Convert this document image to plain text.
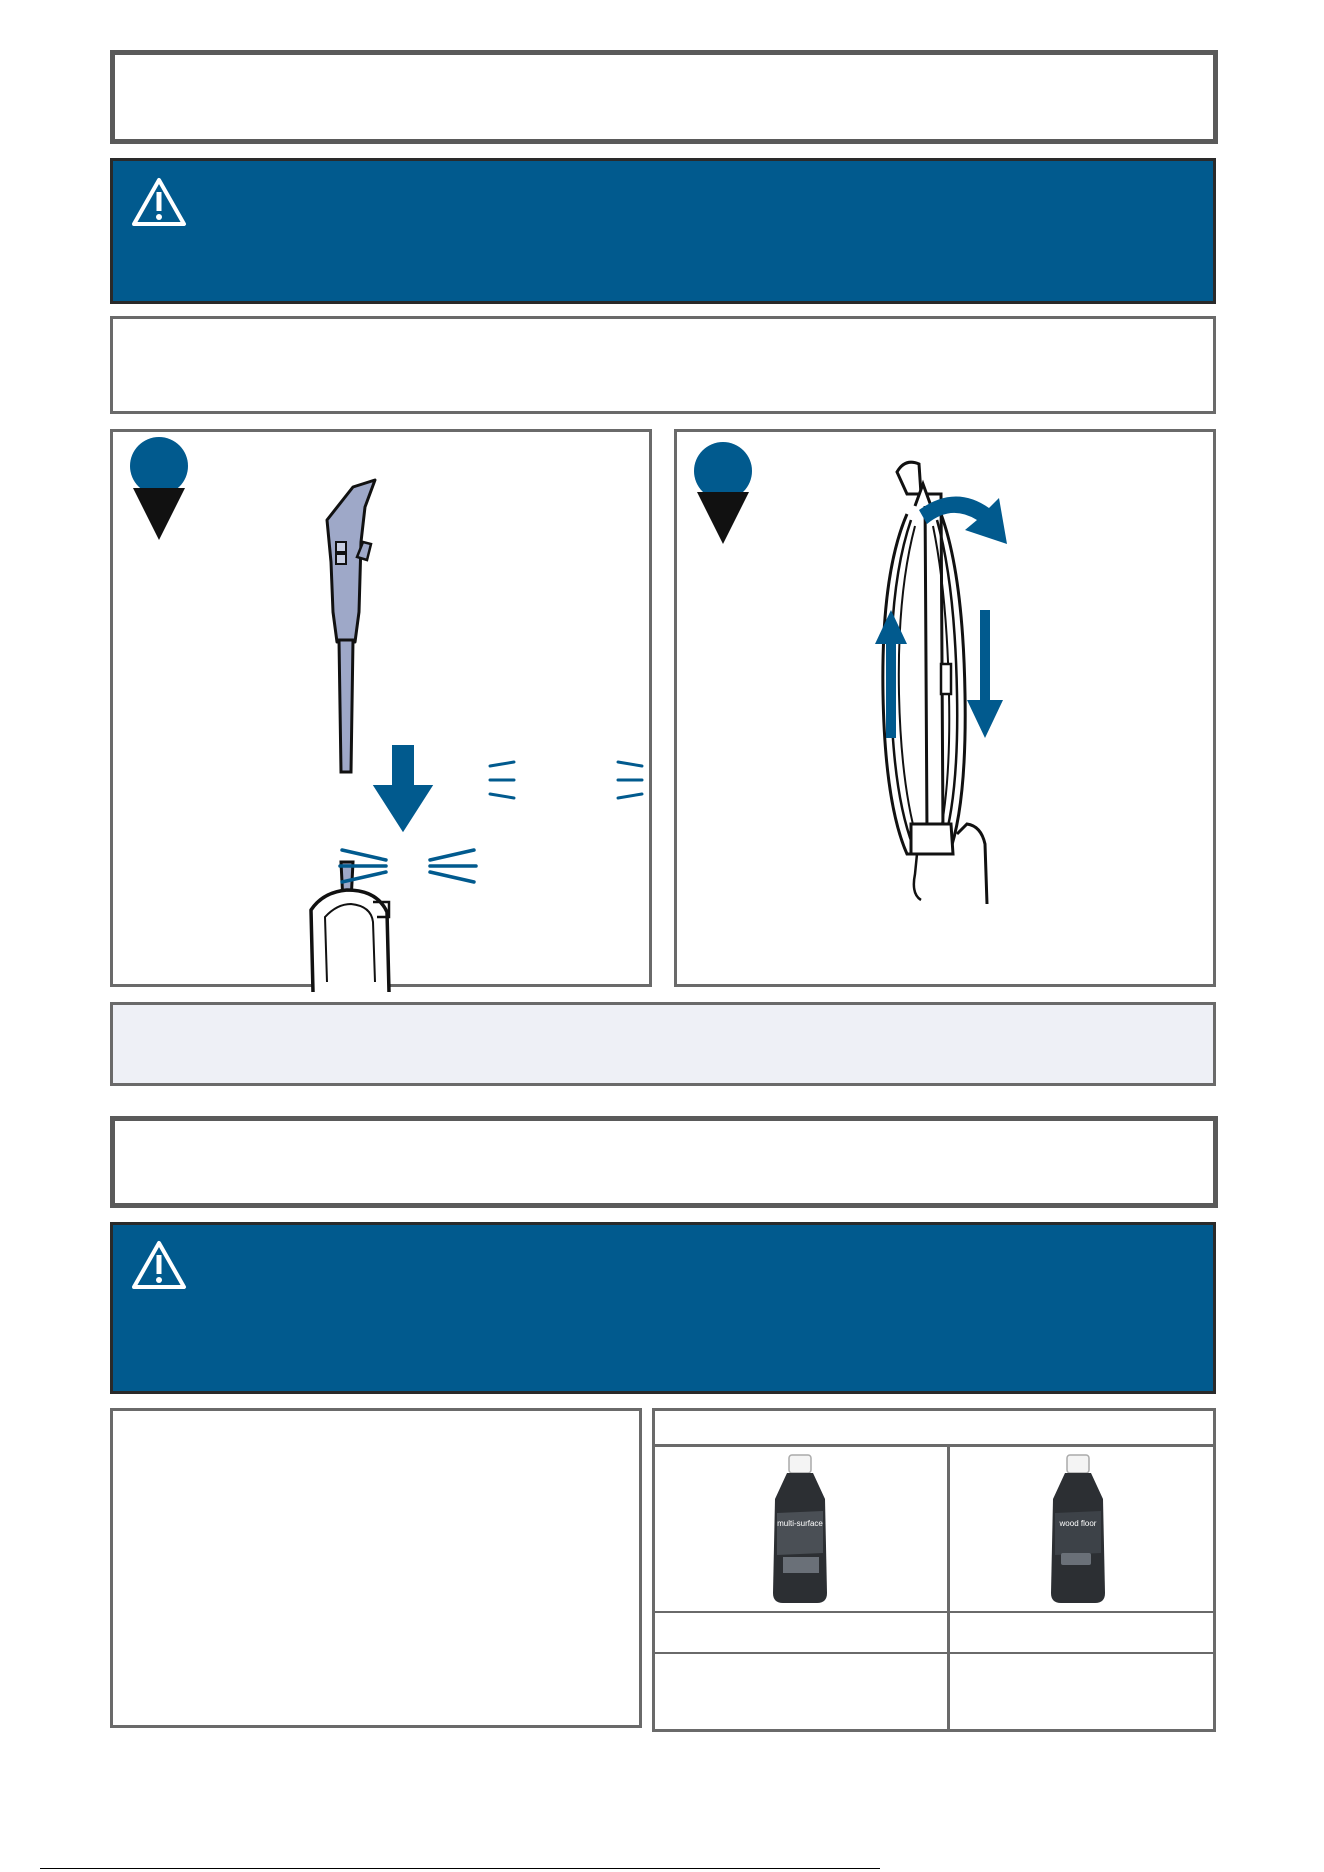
multi-surface	wood floor
